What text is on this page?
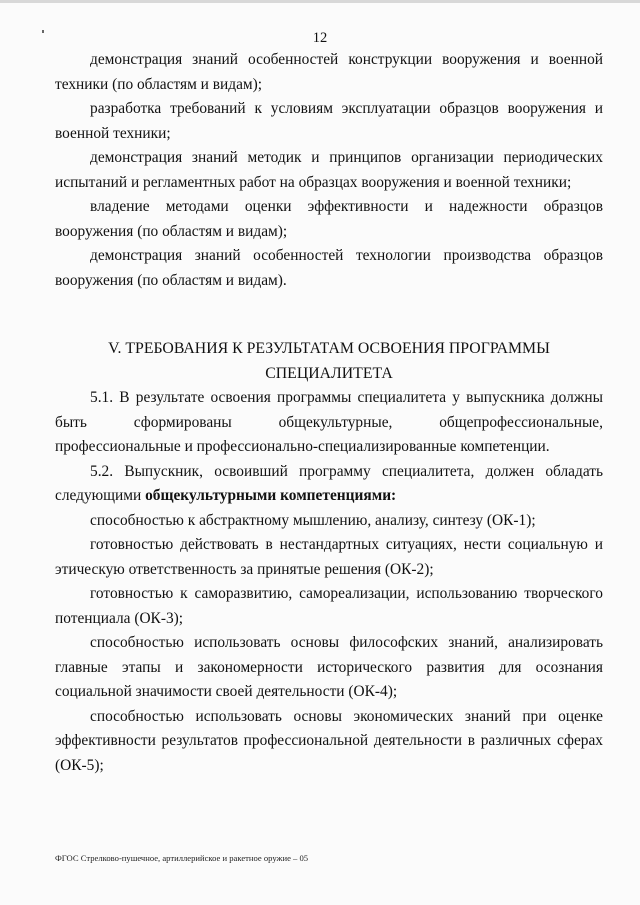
12

демонстрация знаний особенностей конструкции вооружения и военной техники (по областям и видам);

разработка требований к условиям эксплуатации образцов вооружения и военной техники;

демонстрация знаний методик и принципов организации периодических испытаний и регламентных работ на образцах вооружения и военной техники;

владение методами оценки эффективности и надежности образцов вооружения (по областям и видам);

демонстрация знаний особенностей технологии производства образцов вооружения (по областям и видам).

V. ТРЕБОВАНИЯ К РЕЗУЛЬТАТАМ ОСВОЕНИЯ ПРОГРАММЫ
СПЕЦИАЛИТЕТА

5.1. В результате освоения программы специалитета у выпускника должны быть сформированы общекультурные, общепрофессиональные, профессиональные и профессионально-специализированные компетенции.

5.2. Выпускник, освоивший программу специалитета, должен обладать следующими общекультурными компетенциями:

способностью к абстрактному мышлению, анализу, синтезу (ОК-1);

готовностью действовать в нестандартных ситуациях, нести социальную и этическую ответственность за принятые решения (ОК-2);

готовностью к саморазвитию, самореализации, использованию творческого потенциала (ОК-3);

способностью использовать основы философских знаний, анализировать главные этапы и закономерности исторического развития для осознания социальной значимости своей деятельности (ОК-4);

способностью использовать основы экономических знаний при оценке эффективности результатов профессиональной деятельности в различных сферах (ОК-5);

ФГОС Стрелково-пушечное, артиллерийское и ракетное оружие – 05
